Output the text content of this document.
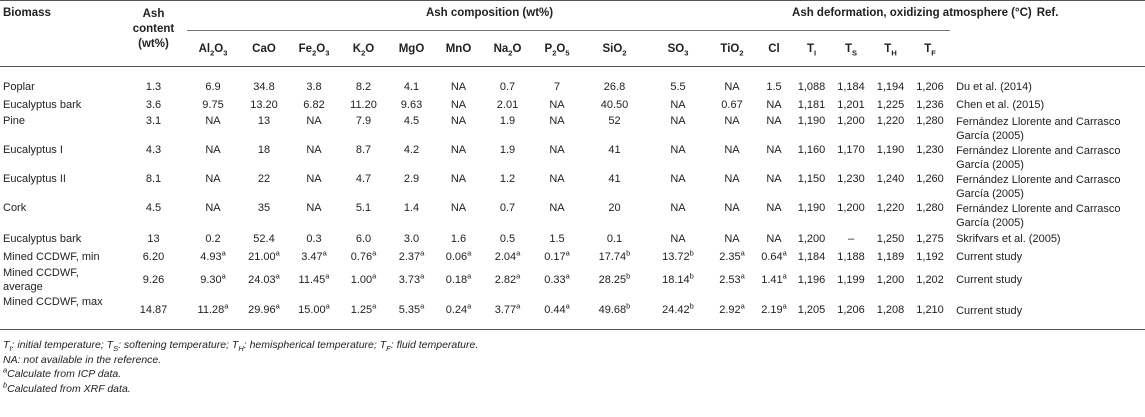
Biomass	Ash
content
(wt%)	Ash composition (wt%)												Ash deformation, oxidizing atmosphere (°C)				Ref.
		$Al_2O_3$	CaO	$Fe_2O_3$	$K_2O$	MgO	MnO	$Na_2O$	$P_2O_5$	SiO$_2$	$SO_3$	TiO$_2$	Cl	$T_I$	$T_S$	$T_H$	$T_F$

Poplar	1.3	6.9	34.8	3.8	8.2	4.1	NA	0.7	7	26.8	5.5	NA	1.5	1,088	1,184	1,194	1,206	Du et al. (2014)
Eucalyptus bark	3.6	9.75	13.20	6.82	11.20	9.63	NA	2.01	NA	40.50	NA	0.67	NA	1,181	1,201	1,225	1,236	Chen et al. (2015)
Pine	3.1	NA	13	NA	7.9	4.5	NA	1.9	NA	52	NA	NA	NA	1,190	1,200	1,220	1,280	Fernández Llorente and Carrasco García (2005)
Eucalyptus I	4.3	NA	18	NA	8.7	4.2	NA	1.9	NA	41	NA	NA	NA	1,160	1,170	1,190	1,230	Fernández Llorente and Carrasco García (2005)
Eucalyptus II	8.1	NA	22	NA	4.7	2.9	NA	1.2	NA	41	NA	NA	NA	1,150	1,230	1,240	1,260	Fernández Llorente and Carrasco García (2005)
Cork	4.5	NA	35	NA	5.1	1.4	NA	0.7	NA	20	NA	NA	NA	1,190	1,200	1,220	1,280	Fernández Llorente and Carrasco García (2005)
Eucalyptus bark	13	0.2	52.4	0.3	6.0	3.0	1.6	0.5	1.5	0.1	NA	NA	NA	1,200	–	1,250	1,275	Skrifvars et al. (2005)
Mined CCDWF, min	6.20	4.93$^a$	21.00$^a$	3.47$^a$	0.76$^a$	2.37$^a$	0.06$^a$	2.04$^a$	0.17$^a$	17.74$^b$	13.72$^b$	2.35$^a$	0.64$^a$	1,184	1,188	1,189	1,192	Current study
Mined CCDWF, average	9.26	9.30$^a$	24.03$^a$	11.45$^a$	1.00$^a$	3.73$^a$	0.18$^a$	2.82$^a$	0.33$^a$	28.25$^b$	18.14$^b$	2.53$^a$	1.41$^a$	1,196	1,199	1,200	1,202	Current study
Mined CCDWF, max	14.87	11.28$^a$	29.96$^a$	15.00$^a$	1.25$^a$	5.35$^a$	0.24$^a$	3.77$^a$	0.44$^a$	49.68$^b$	24.42$^b$	2.92$^a$	2.19$^a$	1,205	1,206	1,208	1,210	Current study
$T_I$: initial temperature; $T_S$: softening temperature; $T_H$: hemispherical temperature; $T_F$: fluid temperature.
NA: not available in the reference.
$^a$Calculate from ICP data.
$^b$Calculated from XRF data.
